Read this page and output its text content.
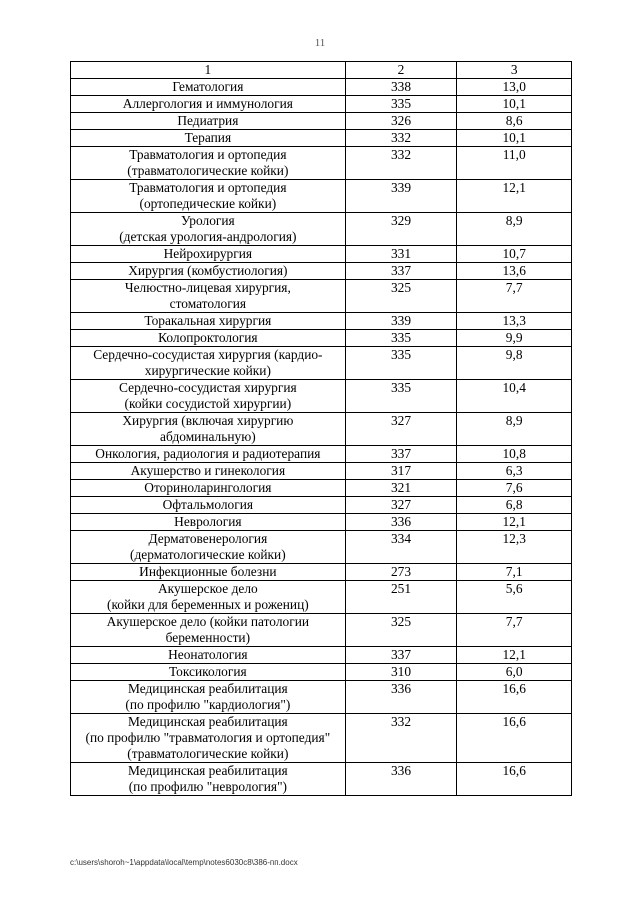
11
1	2	3

Гематология	338	13,0

Аллергология и иммунология	335	10,1

Педиатрия	326	8,6

Терапия	332	10,1

Травматология и ортопедия
(травматологические койки)	332	11,0

Травматология и ортопедия
(ортопедические койки)	339	12,1

Урология
(детская урология-андрология)	329	8,9

Нейрохирургия	331	10,7

Хирургия (комбустиология)	337	13,6

Челюстно-лицевая хирургия,
стоматология	325	7,7

Торакальная хирургия	339	13,3

Колопроктология	335	9,9

Сердечно-сосудистая хирургия (кардио-
хирургические койки)	335	9,8

Сердечно-сосудистая хирургия
(койки сосудистой хирургии)	335	10,4

Хирургия (включая хирургию
абдоминальную)	327	8,9

Онкология, радиология и радиотерапия	337	10,8

Акушерство и гинекология	317	6,3

Оториноларингология	321	7,6

Офтальмология	327	6,8

Неврология	336	12,1

Дерматовенерология
(дерматологические койки)	334	12,3

Инфекционные болезни	273	7,1

Акушерское дело
(койки для беременных и рожениц)	251	5,6

Акушерское дело (койки патологии
беременности)	325	7,7

Неонатология	337	12,1

Токсикология	310	6,0

Медицинская реабилитация
(по профилю "кардиология")	336	16,6

Медицинская реабилитация
(по профилю "травматология и ортопедия"
(травматологические койки)	332	16,6

Медицинская реабилитация
(по профилю "неврология")	336	16,6
c:\users\shoroh~1\appdata\local\temp\notes6030c8\386-пп.docx
